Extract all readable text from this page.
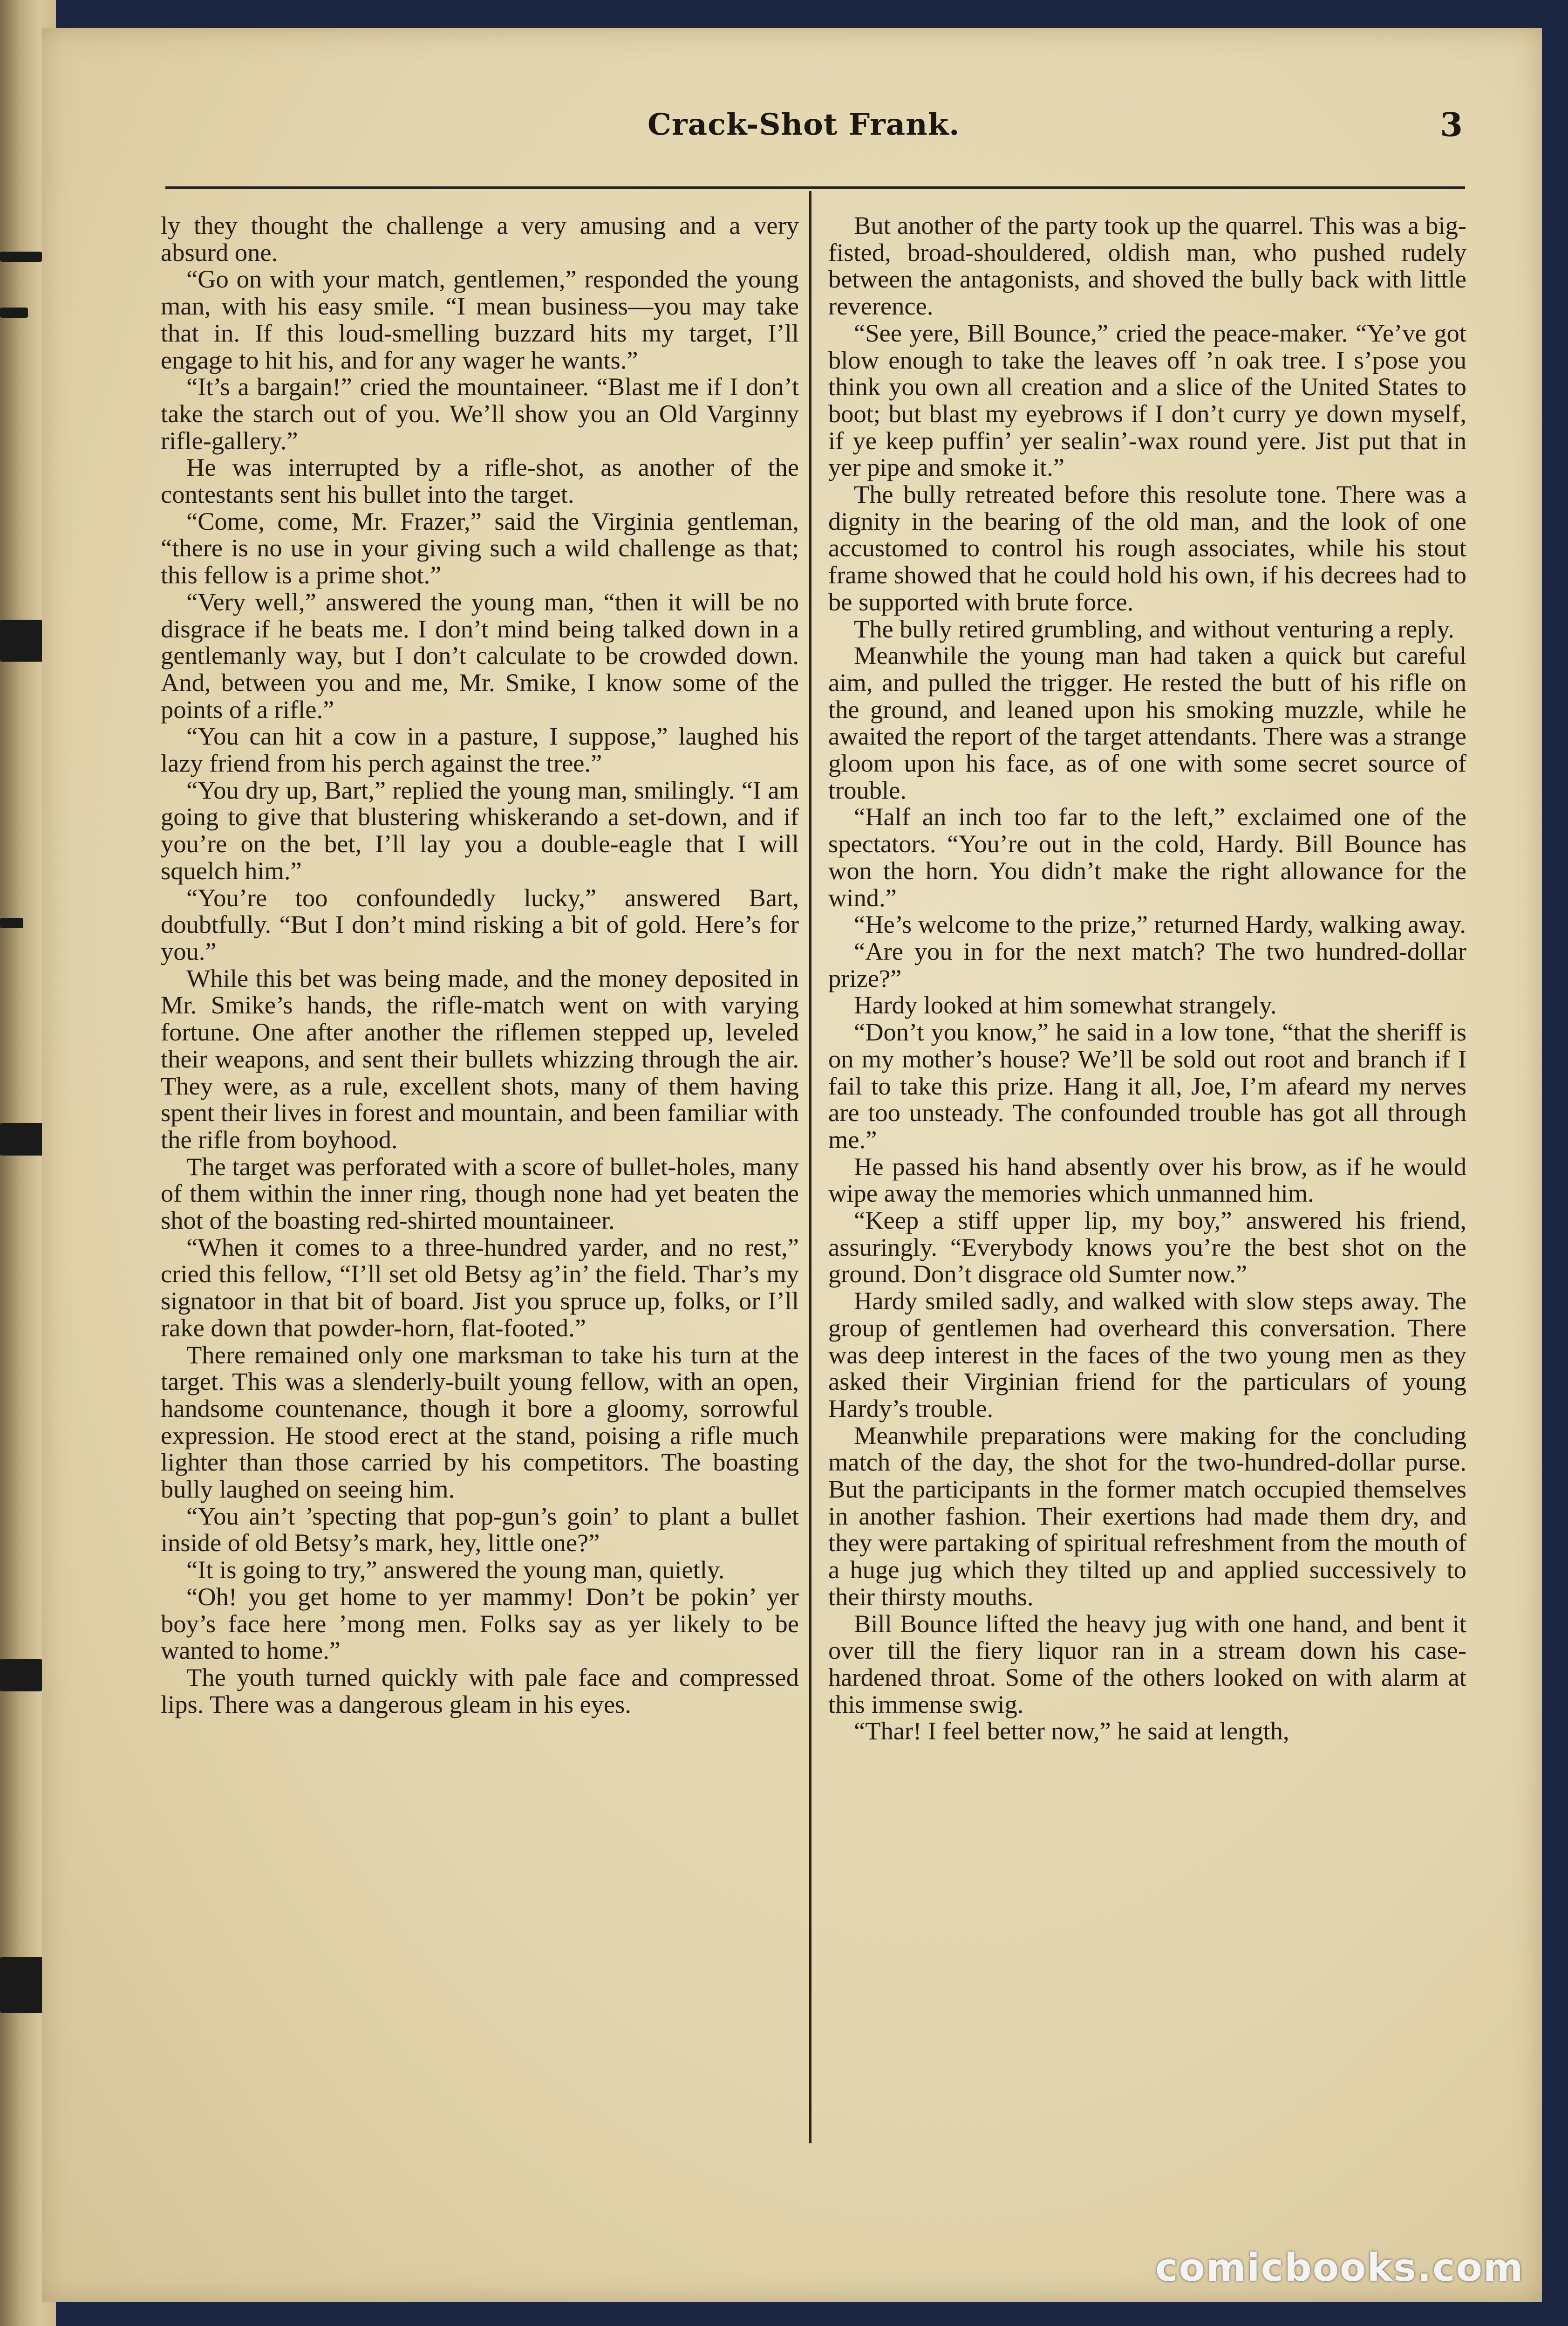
Crack-Shot Frank.	3

ly they thought the challenge a very amusing and a very absurd one.

“Go on with your match, gentlemen,” responded the young man, with his easy smile. “I mean business—you may take that in. If this loud-smelling buzzard hits my target, I’ll engage to hit his, and for any wager he wants.”

“It’s a bargain!” cried the mountaineer. “Blast me if I don’t take the starch out of you. We’ll show you an Old Varginny rifle-gallery.”

He was interrupted by a rifle-shot, as another of the contestants sent his bullet into the target.

“Come, come, Mr. Frazer,” said the Virginia gentleman, “there is no use in your giving such a wild challenge as that; this fellow is a prime shot.”

“Very well,” answered the young man, “then it will be no disgrace if he beats me. I don’t mind being talked down in a gentlemanly way, but I don’t calculate to be crowded down. And, between you and me, Mr. Smike, I know some of the points of a rifle.”

“You can hit a cow in a pasture, I suppose,” laughed his lazy friend from his perch against the tree.”

“You dry up, Bart,” replied the young man, smilingly. “I am going to give that blustering whiskerando a set-down, and if you’re on the bet, I’ll lay you a double-eagle that I will squelch him.”

“You’re too confoundedly lucky,” answered Bart, doubtfully. “But I don’t mind risking a bit of gold. Here’s for you.”

While this bet was being made, and the money deposited in Mr. Smike’s hands, the rifle-match went on with varying fortune. One after another the riflemen stepped up, leveled their weapons, and sent their bullets whizzing through the air. They were, as a rule, excellent shots, many of them having spent their lives in forest and mountain, and been familiar with the rifle from boyhood.

The target was perforated with a score of bullet-holes, many of them within the inner ring, though none had yet beaten the shot of the boasting red-shirted mountaineer.

“When it comes to a three-hundred yarder, and no rest,” cried this fellow, “I’ll set old Betsy ag’in’ the field. Thar’s my signatoor in that bit of board. Jist you spruce up, folks, or I’ll rake down that powder-horn, flat-footed.”

There remained only one marksman to take his turn at the target. This was a slenderly-built young fellow, with an open, handsome countenance, though it bore a gloomy, sorrowful expression. He stood erect at the stand, poising a rifle much lighter than those carried by his competitors. The boasting bully laughed on seeing him.

“You ain’t ’specting that pop-gun’s goin’ to plant a bullet inside of old Betsy’s mark, hey, little one?”

“It is going to try,” answered the young man, quietly.

“Oh! you get home to yer mammy! Don’t be pokin’ yer boy’s face here ’mong men. Folks say as yer likely to be wanted to home.”

The youth turned quickly with pale face and compressed lips. There was a dangerous gleam in his eyes.

But another of the party took up the quarrel. This was a big-fisted, broad-shouldered, oldish man, who pushed rudely between the antagonists, and shoved the bully back with little reverence.

“See yere, Bill Bounce,” cried the peace-maker. “Ye’ve got blow enough to take the leaves off ’n oak tree. I s’pose you think you own all creation and a slice of the United States to boot; but blast my eyebrows if I don’t curry ye down myself, if ye keep puffin’ yer sealin’-wax round yere. Jist put that in yer pipe and smoke it.”

The bully retreated before this resolute tone. There was a dignity in the bearing of the old man, and the look of one accustomed to control his rough associates, while his stout frame showed that he could hold his own, if his decrees had to be supported with brute force.

The bully retired grumbling, and without venturing a reply.

Meanwhile the young man had taken a quick but careful aim, and pulled the trigger. He rested the butt of his rifle on the ground, and leaned upon his smoking muzzle, while he awaited the report of the target attendants. There was a strange gloom upon his face, as of one with some secret source of trouble.

“Half an inch too far to the left,” exclaimed one of the spectators. “You’re out in the cold, Hardy. Bill Bounce has won the horn. You didn’t make the right allowance for the wind.”

“He’s welcome to the prize,” returned Hardy, walking away.

“Are you in for the next match? The two hundred-dollar prize?”

Hardy looked at him somewhat strangely.

“Don’t you know,” he said in a low tone, “that the sheriff is on my mother’s house? We’ll be sold out root and branch if I fail to take this prize. Hang it all, Joe, I’m afeard my nerves are too unsteady. The confounded trouble has got all through me.”

He passed his hand absently over his brow, as if he would wipe away the memories which unmanned him.

“Keep a stiff upper lip, my boy,” answered his friend, assuringly. “Everybody knows you’re the best shot on the ground. Don’t disgrace old Sumter now.”

Hardy smiled sadly, and walked with slow steps away. The group of gentlemen had overheard this conversation. There was deep interest in the faces of the two young men as they asked their Virginian friend for the particulars of young Hardy’s trouble.

Meanwhile preparations were making for the concluding match of the day, the shot for the two-hundred-dollar purse. But the participants in the former match occupied themselves in another fashion. Their exertions had made them dry, and they were partaking of spiritual refreshment from the mouth of a huge jug which they tilted up and applied successively to their thirsty mouths.

Bill Bounce lifted the heavy jug with one hand, and bent it over till the fiery liquor ran in a stream down his case-hardened throat. Some of the others looked on with alarm at this immense swig.

“Thar! I feel better now,” he said at length,

comicbooks.com
